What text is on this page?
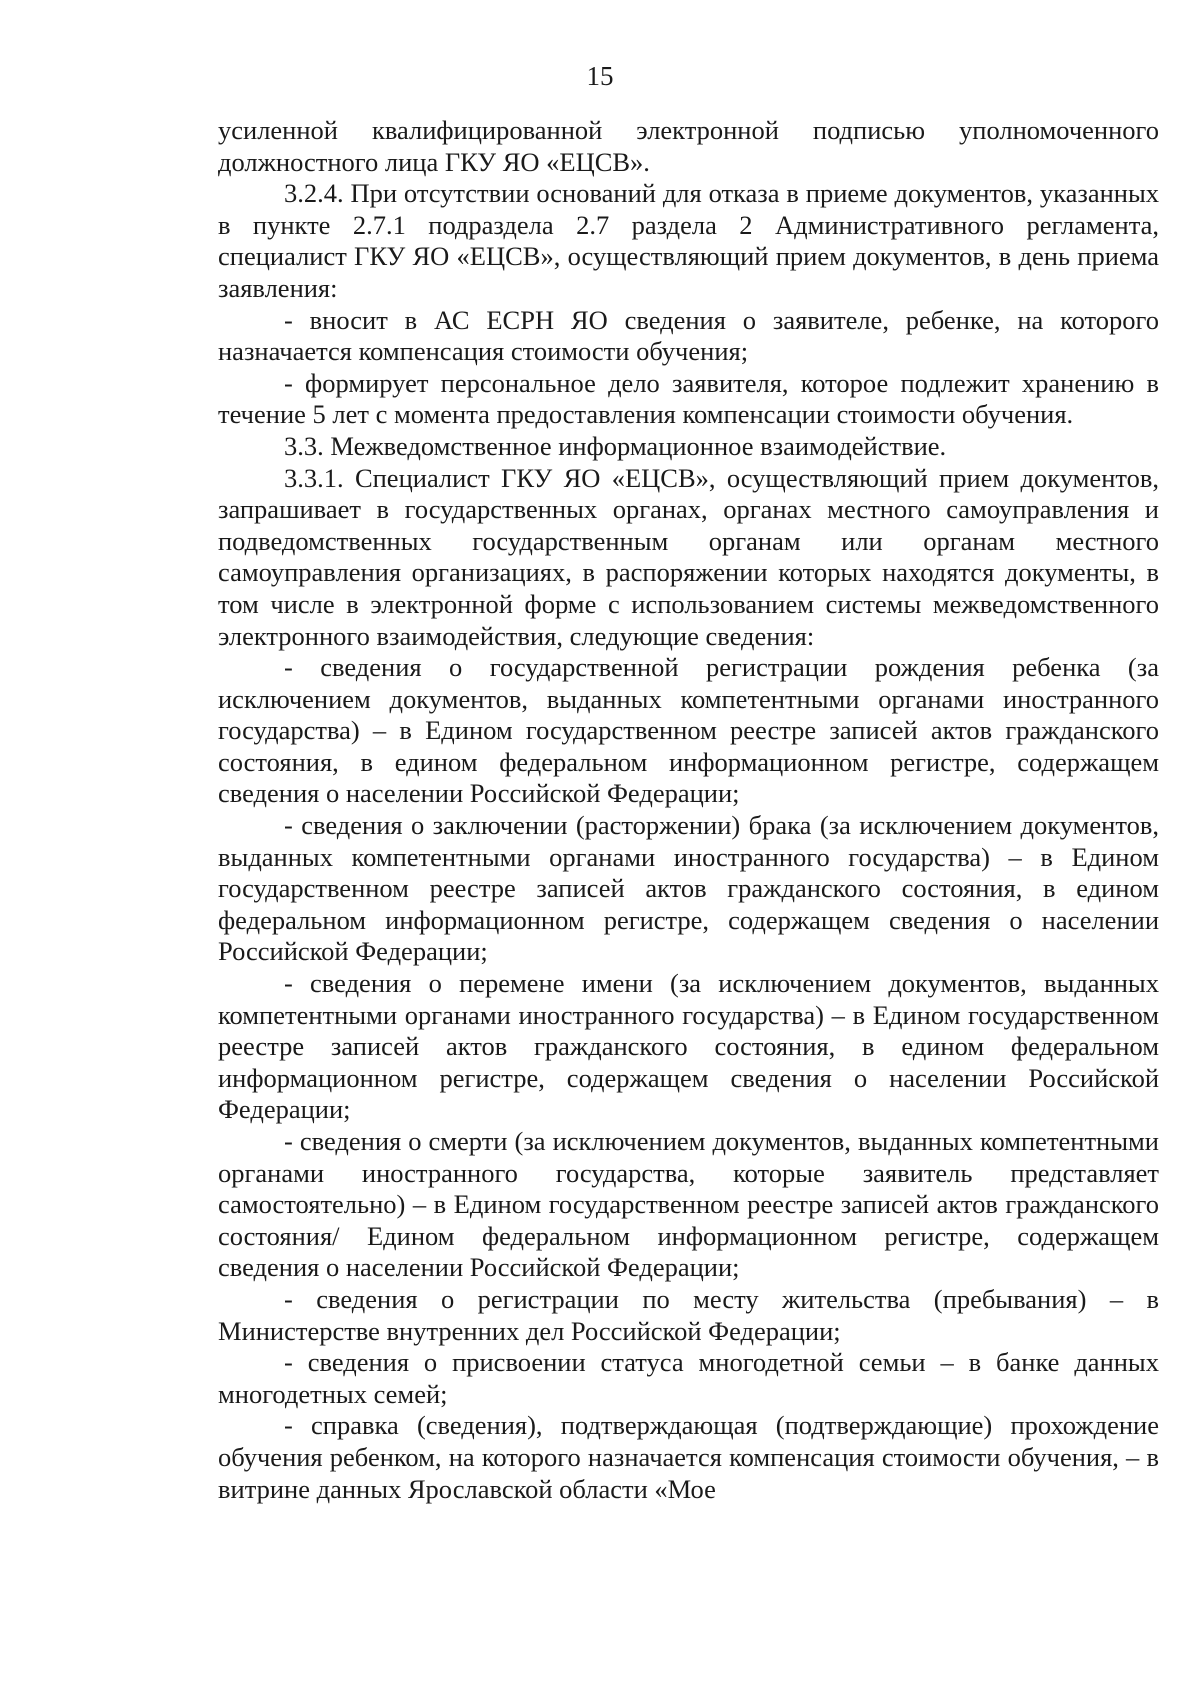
15

усиленной квалифицированной электронной подписью уполномоченного должностного лица ГКУ ЯО «ЕЦСВ».

3.2.4. При отсутствии оснований для отказа в приеме документов, указанных в пункте 2.7.1 подраздела 2.7 раздела 2 Административного регламента, специалист ГКУ ЯО «ЕЦСВ», осуществляющий прием документов, в день приема заявления:

- вносит в АС ЕСРН ЯО сведения о заявителе, ребенке, на которого назначается компенсация стоимости обучения;

- формирует персональное дело заявителя, которое подлежит хранению в течение 5 лет с момента предоставления компенсации стоимости обучения.

3.3. Межведомственное информационное взаимодействие.

3.3.1. Специалист ГКУ ЯО «ЕЦСВ», осуществляющий прием документов, запрашивает в государственных органах, органах местного самоуправления и подведомственных государственным органам или органам местного самоуправления организациях, в распоряжении которых находятся документы, в том числе в электронной форме с использованием системы межведомственного электронного взаимодействия, следующие сведения:

- сведения о государственной регистрации рождения ребенка (за исключением документов, выданных компетентными органами иностранного государства) – в Едином государственном реестре записей актов гражданского состояния, в едином федеральном информационном регистре, содержащем сведения о населении Российской Федерации;

- сведения о заключении (расторжении) брака (за исключением документов, выданных компетентными органами иностранного государства) – в Едином государственном реестре записей актов гражданского состояния, в едином федеральном информационном регистре, содержащем сведения о населении Российской Федерации;

- сведения о перемене имени (за исключением документов, выданных компетентными органами иностранного государства) – в Едином государственном реестре записей актов гражданского состояния, в едином федеральном информационном регистре, содержащем сведения о населении Российской Федерации;

- сведения о смерти (за исключением документов, выданных компетентными органами иностранного государства, которые заявитель представляет самостоятельно) – в Едином государственном реестре записей актов гражданского состояния/ Едином федеральном информационном регистре, содержащем сведения о населении Российской Федерации;

- сведения о регистрации по месту жительства (пребывания) – в Министерстве внутренних дел Российской Федерации;

- сведения о присвоении статуса многодетной семьи – в банке данных многодетных семей;

- справка (сведения), подтверждающая (подтверждающие) прохождение обучения ребенком, на которого назначается компенсация стоимости обучения, – в витрине данных Ярославской области «Мое
